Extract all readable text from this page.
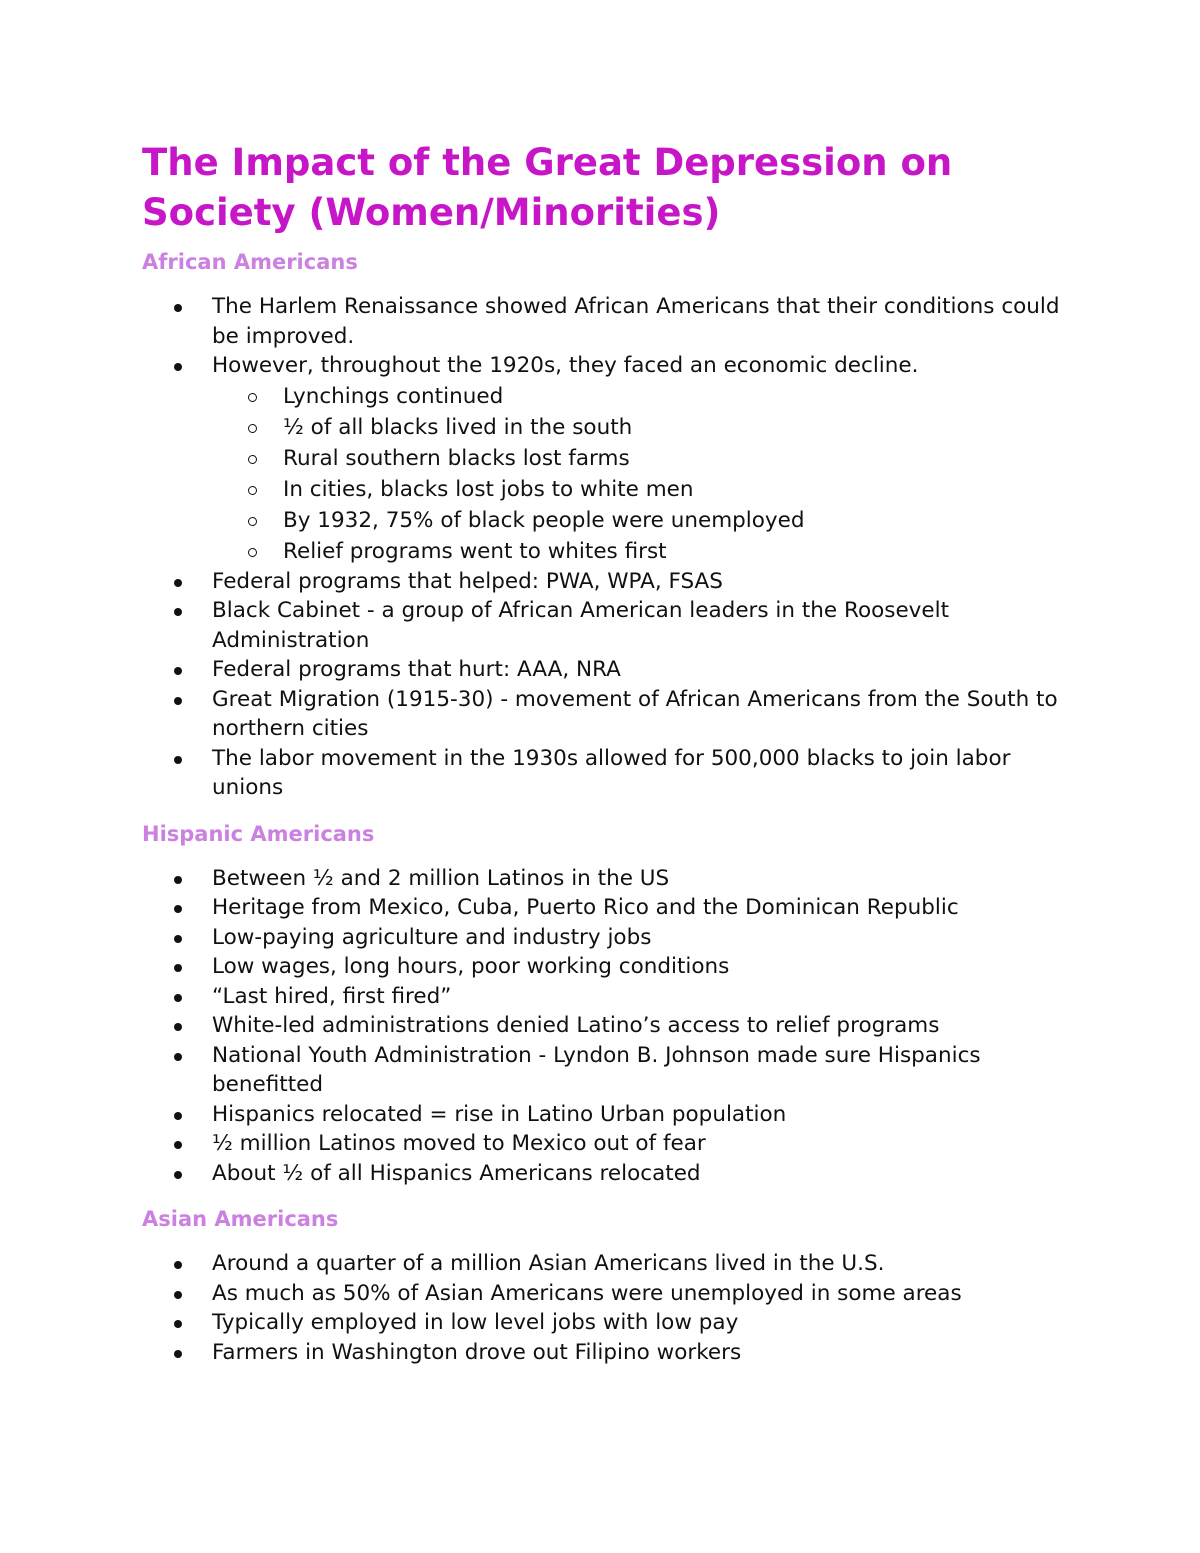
The Impact of the Great Depression on Society (Women/Minorities)
African Americans
The Harlem Renaissance showed African Americans that their conditions could be improved.
However, throughout the 1920s, they faced an economic decline.
Lynchings continued
½ of all blacks lived in the south
Rural southern blacks lost farms
In cities, blacks lost jobs to white men
By 1932, 75% of black people were unemployed
Relief programs went to whites first
Federal programs that helped: PWA, WPA, FSAS
Black Cabinet - a group of African American leaders in the Roosevelt Administration
Federal programs that hurt: AAA, NRA
Great Migration (1915-30) - movement of African Americans from the South to northern cities
The labor movement in the 1930s allowed for 500,000 blacks to join labor unions
Hispanic Americans
Between ½ and 2 million Latinos in the US
Heritage from Mexico, Cuba, Puerto Rico and the Dominican Republic
Low-paying agriculture and industry jobs
Low wages, long hours, poor working conditions
“Last hired, first fired”
White-led administrations denied Latino’s access to relief programs
National Youth Administration - Lyndon B. Johnson made sure Hispanics benefitted
Hispanics relocated = rise in Latino Urban population
½ million Latinos moved to Mexico out of fear
About ½ of all Hispanics Americans relocated
Asian Americans
Around a quarter of a million Asian Americans lived in the U.S.
As much as 50% of Asian Americans were unemployed in some areas
Typically employed in low level jobs with low pay
Farmers in Washington drove out Filipino workers
